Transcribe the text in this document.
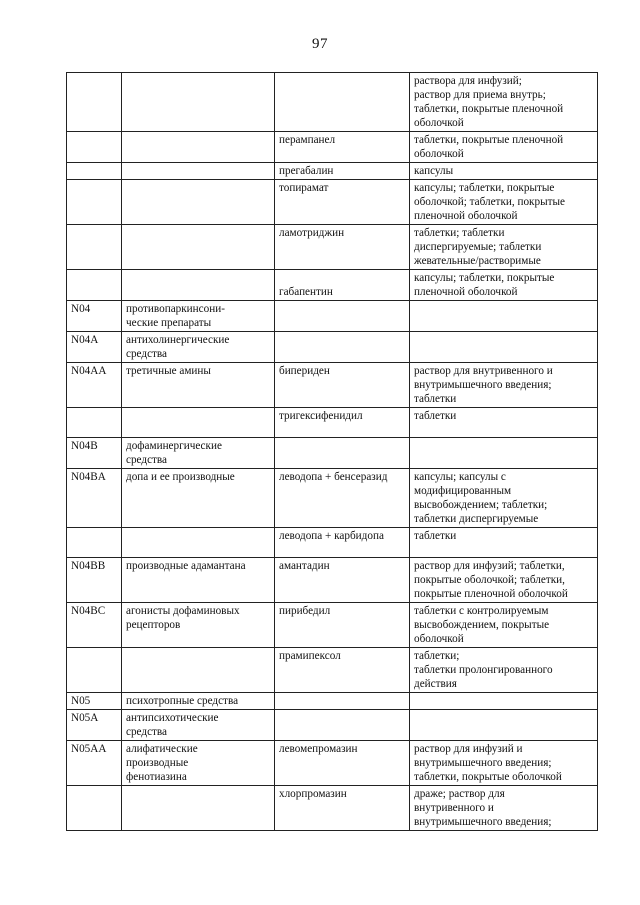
97
			раствора для инфузий;
раствор для приема внутрь;
таблетки, покрытые пленочной
оболочкой
		перампанел	таблетки, покрытые пленочной
оболочкой
		прегабалин	капсулы
		топирамат	капсулы; таблетки, покрытые
оболочкой; таблетки, покрытые
пленочной оболочкой
		ламотриджин	таблетки; таблетки
диспергируемые; таблетки
жевательные/растворимые
		габапентин	капсулы; таблетки, покрытые
пленочной оболочкой
N04	противопаркинсони-
ческие препараты		
N04A	антихолинергические
средства		
N04AA	третичные амины	бипериден	раствор для внутривенного и
внутримышечного введения;
таблетки
		тригексифенидил	таблетки
N04B	дофаминергические
средства		
N04BA	допа и ее производные	леводопа + бенсеразид	капсулы; капсулы с
модифицированным
высвобождением; таблетки;
таблетки диспергируемые
		леводопа + карбидопа	таблетки
N04BB	производные адамантана	амантадин	раствор для инфузий; таблетки,
покрытые оболочкой; таблетки,
покрытые пленочной оболочкой
N04BC	агонисты дофаминовых
рецепторов	пирибедил	таблетки с контролируемым
высвобождением, покрытые
оболочкой
		прамипексол	таблетки;
таблетки пролонгированного
действия
N05	психотропные средства		
N05A	антипсихотические
средства		
N05AA	алифатические
производные
фенотиазина	левомепромазин	раствор для инфузий и
внутримышечного введения;
таблетки, покрытые оболочкой
		хлорпромазин	драже; раствор для
внутривенного и
внутримышечного введения;
